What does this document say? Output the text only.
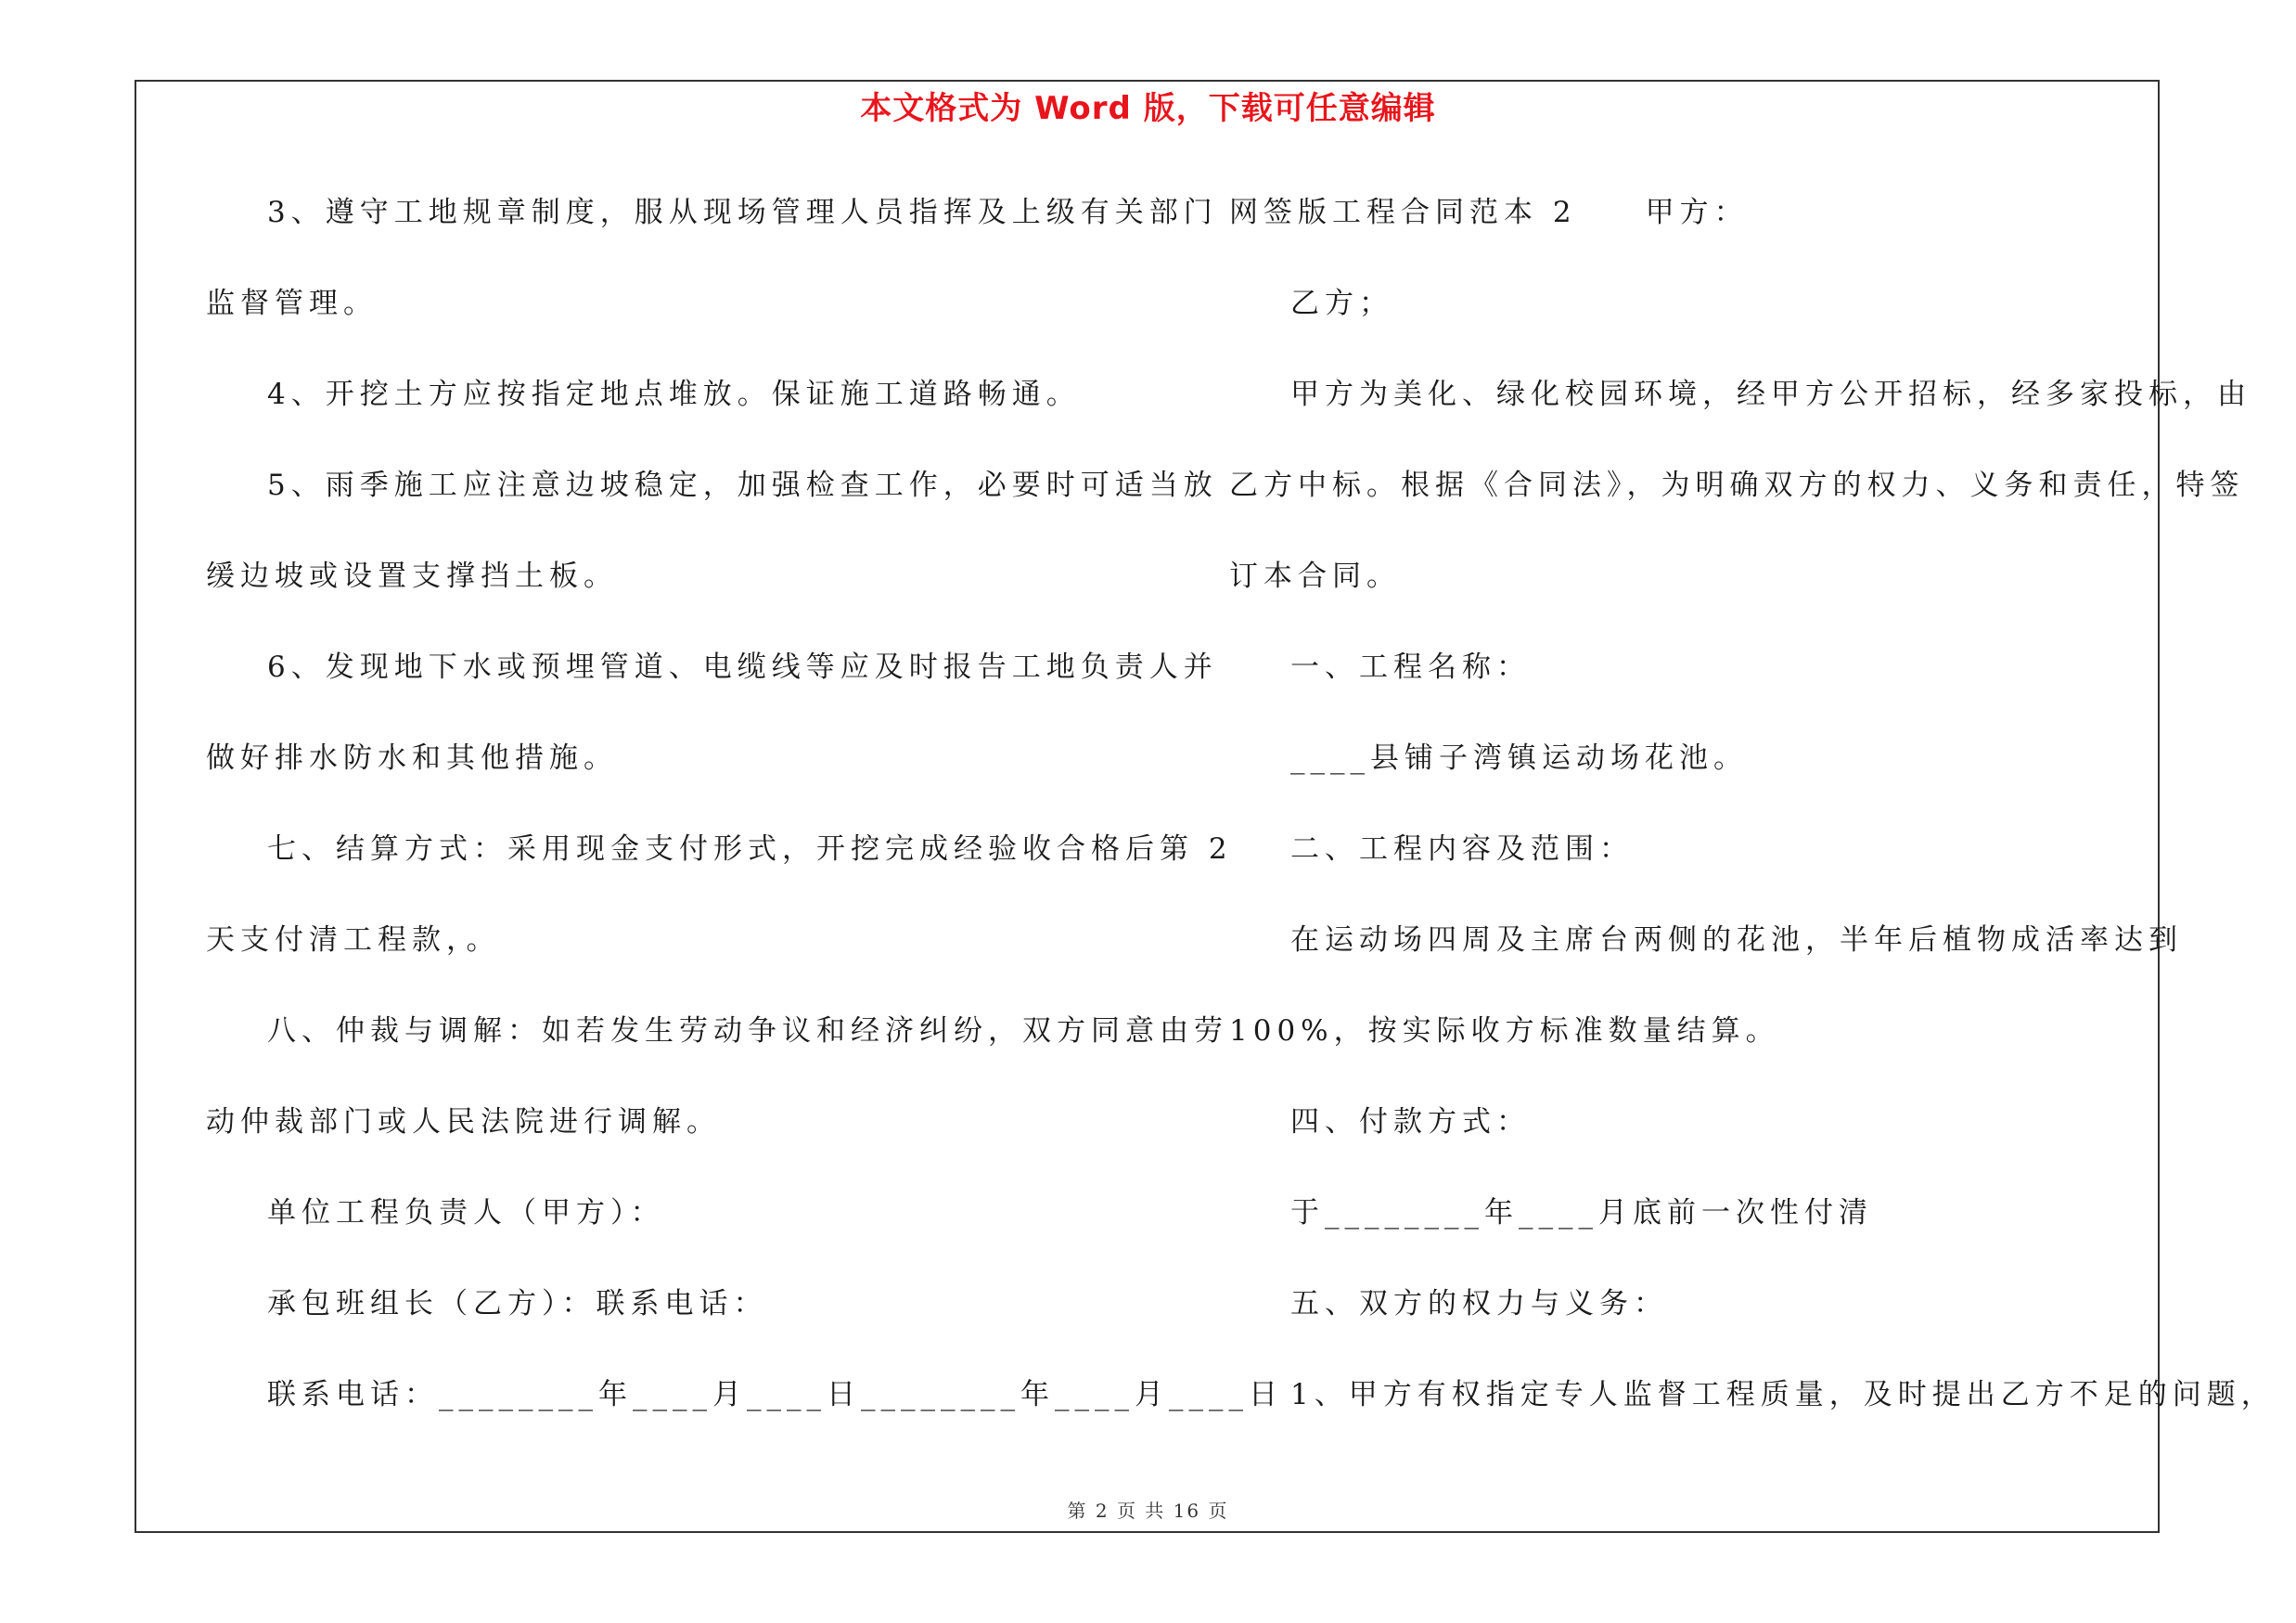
本文格式为 Word 版，下载可任意编辑
3、遵守工地规章制度，服从现场管理人员指挥及上级有关部门
监督管理。
4、开挖土方应按指定地点堆放。保证施工道路畅通。
5、雨季施工应注意边坡稳定，加强检查工作，必要时可适当放
缓边坡或设置支撑挡土板。
6、发现地下水或预埋管道、电缆线等应及时报告工地负责人并
做好排水防水和其他措施。
七、结算方式：采用现金支付形式，开挖完成经验收合格后第 2
天支付清工程款，。
八、仲裁与调解：如若发生劳动争议和经济纠纷，双方同意由劳
动仲裁部门或人民法院进行调解。
单位工程负责人（甲方）：
承包班组长（乙方）：联系电话：
联系电话：________年____月____日________年____月____日
网签版工程合同范本 2　　甲方：
乙方；
甲方为美化、绿化校园环境，经甲方公开招标，经多家投标，由
乙方中标。根据《合同法》，为明确双方的权力、义务和责任，特签
订本合同。
一、工程名称：
____县铺子湾镇运动场花池。
二、工程内容及范围：
在运动场四周及主席台两侧的花池，半年后植物成活率达到
100%，按实际收方标准数量结算。
四、付款方式：
于________年____月底前一次性付清
五、双方的权力与义务：
1、甲方有权指定专人监督工程质量，及时提出乙方不足的问题，
第 2 页 共 16 页
